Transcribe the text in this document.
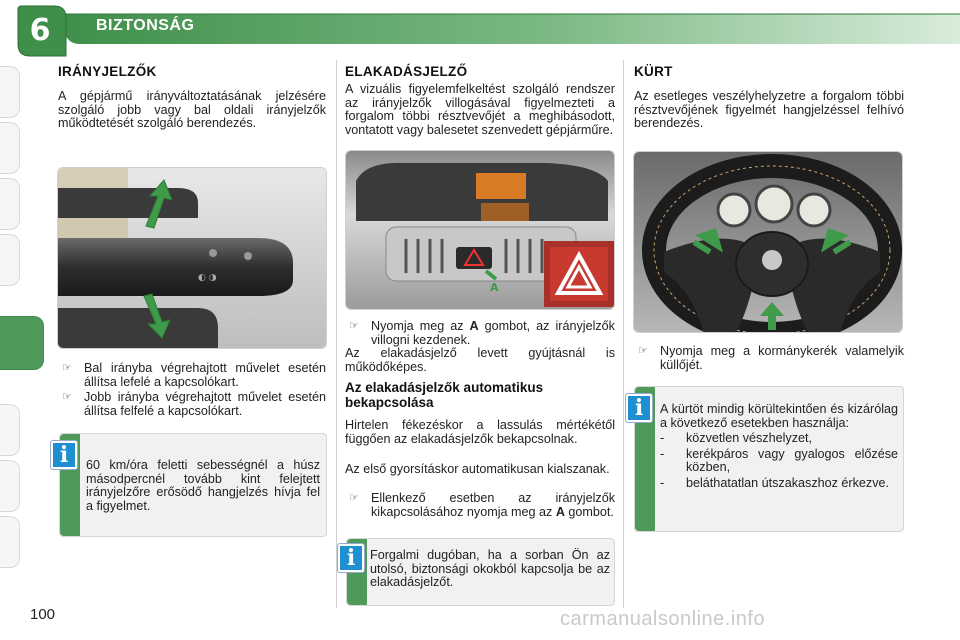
6	BIZTONSÁG
IRÁNYJELZŐK
A gépjármű irányváltoztatásának jelzésére szolgáló jobb vagy bal oldali irányjelzők működtetését szolgáló berendezés.
◐ ◑
☞ Bal irányba végrehajtott művelet esetén állítsa lefelé a kapcsolókart.
☞ Jobb irányba végrehajtott művelet esetén állítsa felfelé a kapcsolókart.
i	60 km/óra feletti sebességnél a húsz másodpercnél tovább kint felejtett irányjelzőre erősödő hangjelzés hívja fel a figyelmet.
ELAKADÁSJELZŐ
A vizuális figyelemfelkeltést szolgáló rendszer az irányjelzők villogásával figyelmezteti a forgalom többi résztvevőjét a meghibásodott, vontatott vagy balesetet szenvedett gépjárműre.
A
☞ Nyomja meg az A gombot, az irányjelzők villogni kezdenek.
Az elakadásjelző levett gyújtásnál is működőképes.
Az elakadásjelzők automatikus bekapcsolása
Hirtelen fékezéskor a lassulás mértékétől függően az elakadásjelzők bekapcsolnak.
Az első gyorsításkor automatikusan kialszanak.
☞ Ellenkező esetben az irányjelzők kikapcsolásához nyomja meg az A gombot.
i	Forgalmi dugóban, ha a sorban Ön az utolsó, biztonsági okokból kapcsolja be az elakadásjelzőt.
KÜRT
Az esetleges veszélyhelyzetre a forgalom többi résztvevőjének figyelmét hangjelzéssel felhívó berendezés.
☞ Nyomja meg a kormánykerék valamelyik küllőjét.
i	A kürtöt mindig körültekintően és kizárólag a következő esetekben használja:
- közvetlen vészhelyzet,
- kerékpáros vagy gyalogos előzése közben,
- beláthatatlan útszakaszhoz érkezve.
100	carmanualsonline.info
